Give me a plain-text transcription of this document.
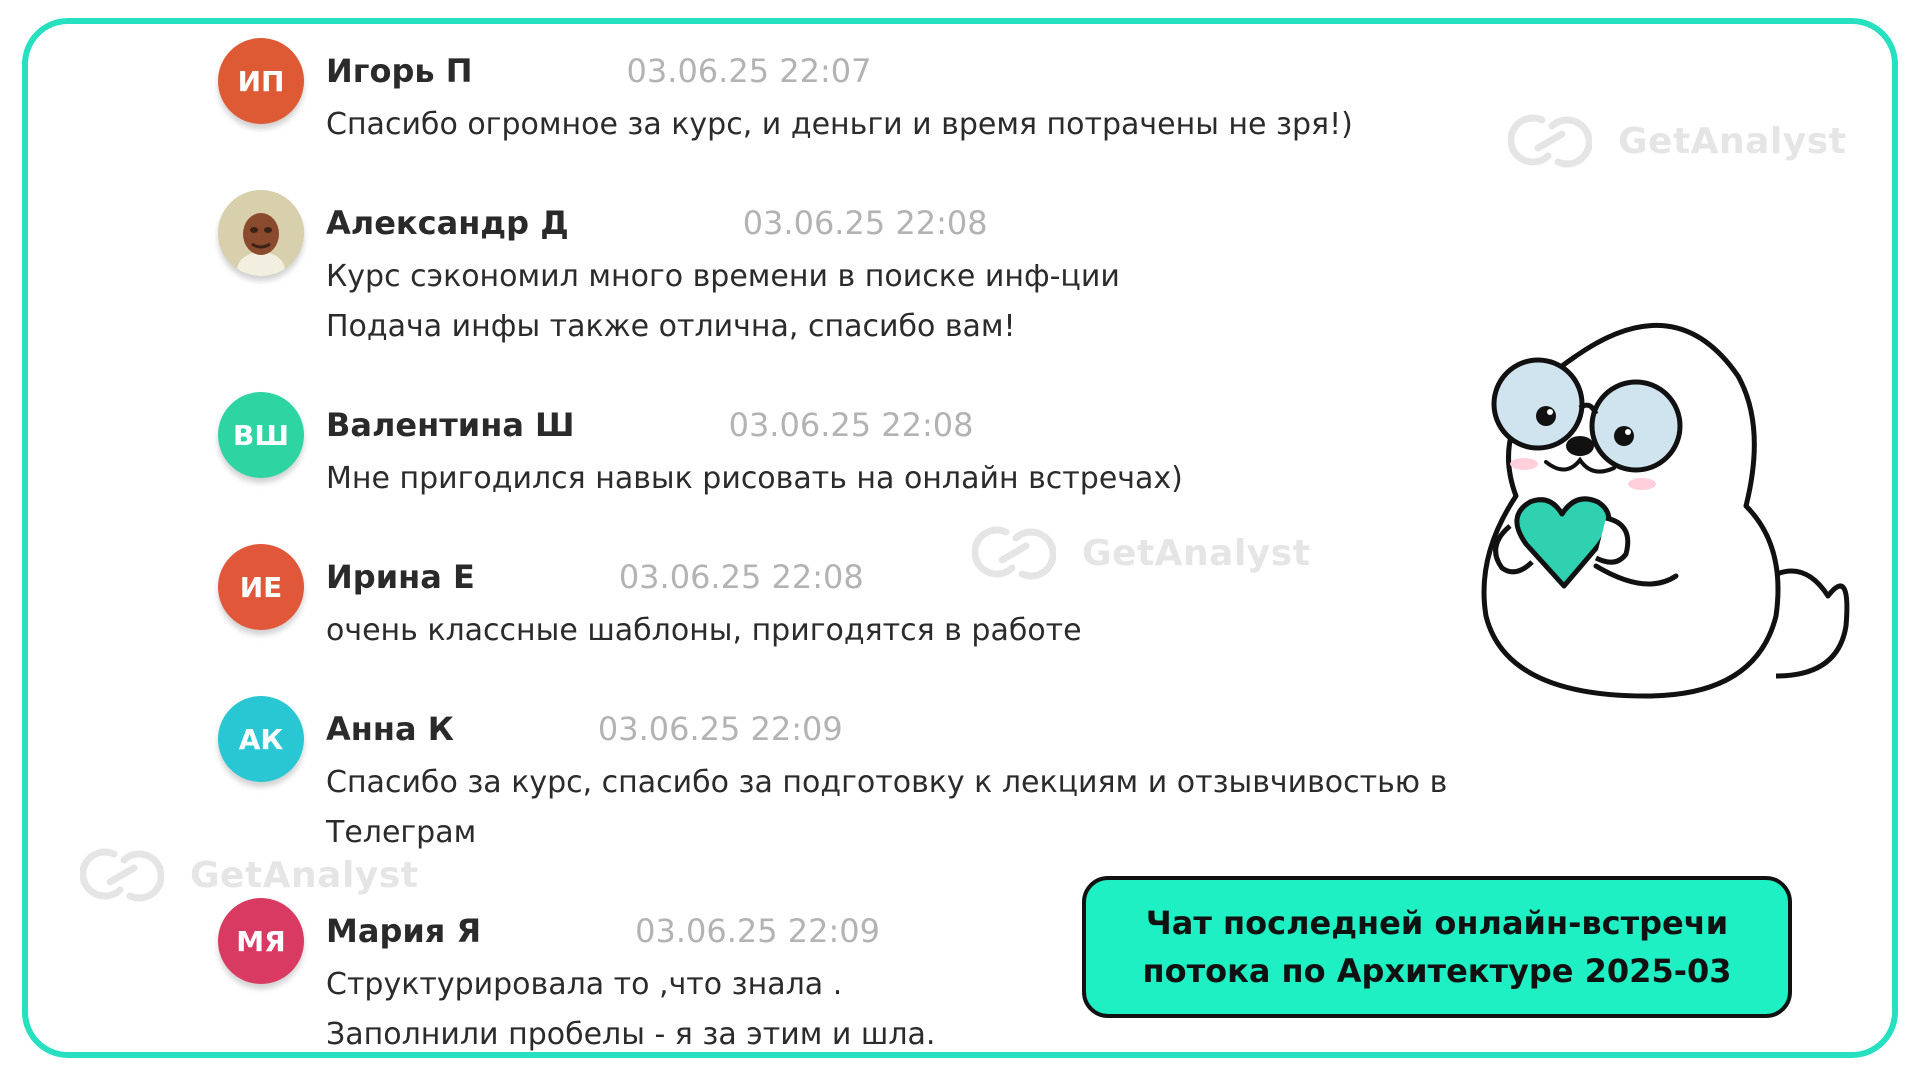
GetAnalyst
GetAnalyst
GetAnalyst
ИП	Игорь П	03.06.25 22:07
Спасибо огромное за курс, и деньги и время потрачены не зря!)
Александр Д	03.06.25 22:08
Курс сэкономил много времени в поиске инф-ции
Подача инфы также отлична, спасибо вам!
ВШ	Валентина Ш	03.06.25 22:08
Мне пригодился навык рисовать на онлайн встречах)
ИЕ	Ирина Е	03.06.25 22:08
очень классные шаблоны, пригодятся в работе
АК	Анна К	03.06.25 22:09
Спасибо за курс, спасибо за подготовку к лекциям и отзывчивостью в
Телеграм
МЯ	Мария Я	03.06.25 22:09
Структурировала то ,что знала .
Заполнили пробелы - я за этим и шла.
Чат последней онлайн-встречи
потока по Архитектуре 2025-03
